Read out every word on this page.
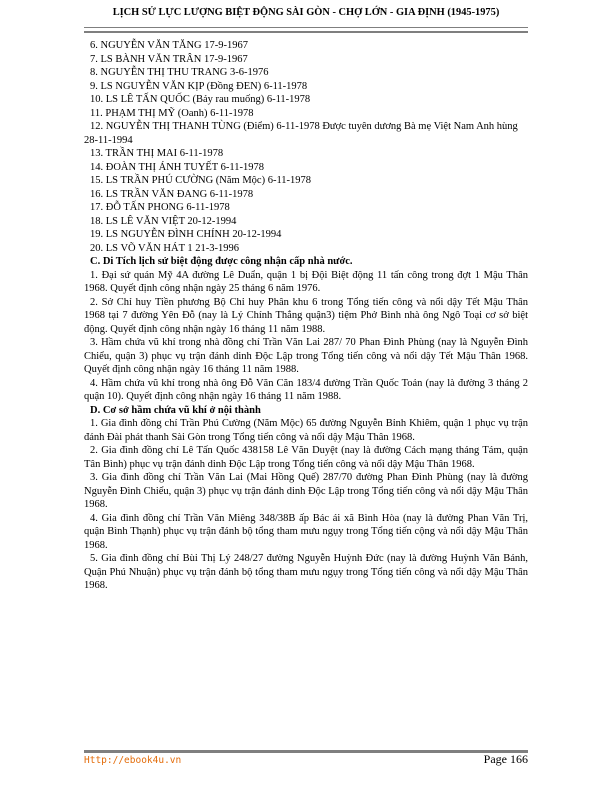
LỊCH SỬ LỰC LƯỢNG BIỆT ĐỘNG SÀI GÒN - CHỢ LỚN - GIA ĐỊNH (1945-1975)
6. NGUYỄN VĂN TĂNG 17-9-1967
7. LS BÀNH VĂN TRÂN 17-9-1967
8. NGUYỄN THỊ THU TRANG 3-6-1976
9. LS NGUYỄN VĂN KỊP (Đồng ĐEN) 6-11-1978
10. LS LÊ TẤN QUỐC (Bảy rau muống) 6-11-1978
11. PHẠM THỊ MỸ (Oanh) 6-11-1978
12. NGUYỄN THỊ THANH TÙNG (Điểm) 6-11-1978 Được tuyên dương Bà mẹ Việt Nam Anh hùng 28-11-1994
13. TRẦN THỊ MAI 6-11-1978
14. ĐOÀN THỊ ÁNH TUYẾT 6-11-1978
15. LS TRẦN PHÚ CƯỜNG (Năm Mộc) 6-11-1978
16. LS TRẦN VĂN ĐANG 6-11-1978
17. ĐỖ TẤN PHONG 6-11-1978
18. LS LÊ VĂN VIỆT 20-12-1994
19. LS NGUYỄN ĐÌNH CHÍNH 20-12-1994
20. LS VÕ VĂN HÁT 1 21-3-1996
C. Di Tích lịch sử biệt động được công nhận cấp nhà nước.
1. Đại sứ quán Mỹ 4A đường Lê Duẩn, quận 1 bị Đội Biệt động 11 tấn công trong đợt 1 Mậu Thân 1968. Quyết định công nhận ngày 25 tháng 6 năm 1976.
2. Sở Chỉ huy Tiền phương Bộ Chỉ huy Phân khu 6 trong Tổng tiến công và nổi dậy Tết Mậu Thân 1968 tại 7 đường Yên Đỗ (nay là Lý Chính Thắng quận3) tiệm Phở Bình nhà ông Ngô Toại cơ sở biệt động. Quyết định công nhận ngày 16 tháng 11 năm 1988.
3. Hầm chứa vũ khí trong nhà đồng chí Trần Văn Lai 287/ 70 Phan Đình Phùng (nay là Nguyễn Đình Chiểu, quận 3) phục vụ trận đánh dinh Độc Lập trong Tổng tiến công và nổi dậy Tết Mậu Thân 1968. Quyết định công nhận ngày 16 tháng 11 năm 1988.
4. Hầm chứa vũ khí trong nhà ông Đỗ Văn Căn 183/4 đường Trần Quốc Toản (nay là đường 3 tháng 2 quận 10). Quyết định công nhận ngày 16 tháng 11 năm 1988.
D. Cơ sở hầm chứa vũ khí ở nội thành
1. Gia đình đồng chí Trần Phú Cường (Năm Mộc) 65 đường Nguyễn Bỉnh Khiêm, quận 1 phục vụ trận đánh Đài phát thanh Sài Gòn trong Tổng tiến công và nổi dậy Mậu Thân 1968.
2. Gia đình đồng chí Lê Tấn Quốc 438158 Lê Văn Duyệt (nay là đường Cách mạng tháng Tám, quận Tân Bình) phục vụ trận đánh dinh Độc Lập trong Tổng tiến công và nổi dậy Mậu Thân 1968.
3. Gia đình đồng chí Trần Văn Lai (Mai Hồng Quế) 287/70 đường Phan Đình Phùng (nay là đường Nguyễn Đình Chiểu, quận 3) phục vụ trận đánh dinh Độc Lập trong Tổng tiến công và nổi dậy Mậu Thân 1968.
4. Gia đình đồng chí Trần Văn Miêng 348/38B ấp Bác ái xã Bình Hòa (nay là đường Phan Văn Trị, quận Bình Thạnh) phục vụ trận đánh bộ tổng tham mưu ngụy trong Tổng tiến cộng và nổi dậy Mậu Thân 1968.
5. Gia đình đồng chí Bùi Thị Lý 248/27 đường Nguyễn Huỳnh Đức (nay là đường Huỳnh Văn Bánh, Quận Phú Nhuận) phục vụ trận đánh bộ tổng tham mưu ngụy trong Tổng tiến công và nổi dậy Mậu Thân 1968.
Http://ebook4u.vn	Page 166
